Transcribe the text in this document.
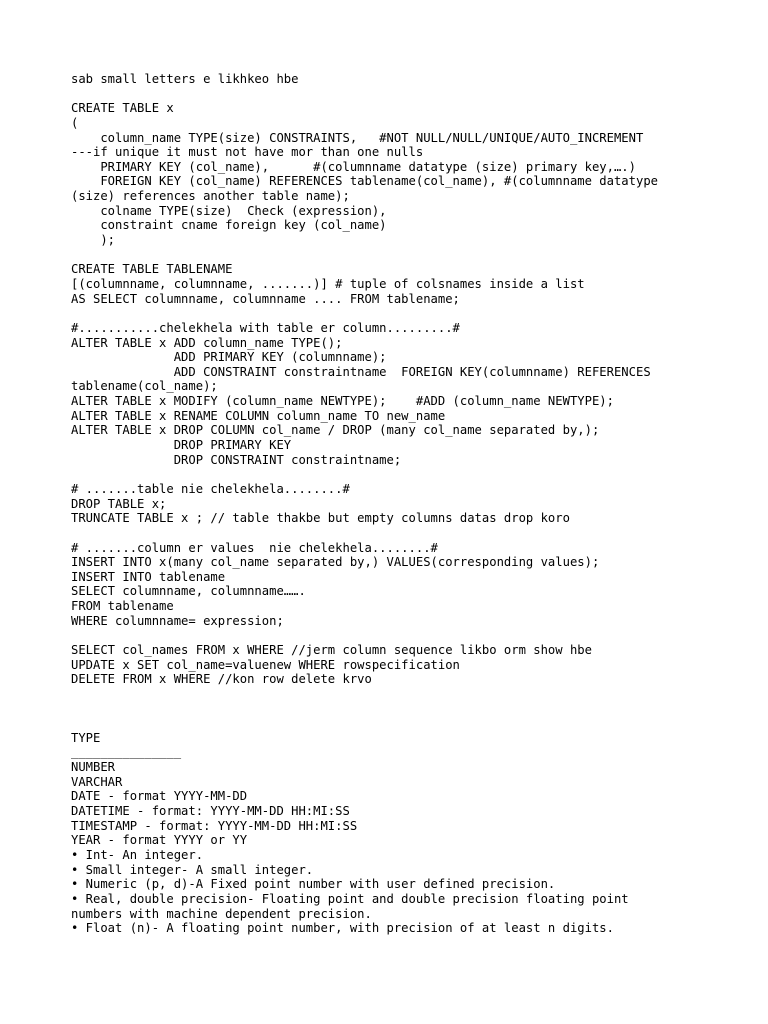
sab small letters e likhkeo hbe
CREATE TABLE x
(
column_name TYPE(size) CONSTRAINTS,   #NOT NULL/NULL/UNIQUE/AUTO_INCREMENT
---if unique it must not have mor than one nulls
PRIMARY KEY (col_name),      #(columnname datatype (size) primary key,….)
FOREIGN KEY (col_name) REFERENCES tablename(col_name), #(columnname datatype
(size) references another table name);
colname TYPE(size)  Check (expression),
constraint cname foreign key (col_name)
);
CREATE TABLE TABLENAME
[(columnname, columnname, .......)] # tuple of colsnames inside a list
AS SELECT columnname, columnname .... FROM tablename;
#...........chelekhela with table er column.........#
ALTER TABLE x ADD column_name TYPE();
ADD PRIMARY KEY (columnname);
ADD CONSTRAINT constraintname  FOREIGN KEY(columnname) REFERENCES
tablename(col_name);
ALTER TABLE x MODIFY (column_name NEWTYPE);    #ADD (column_name NEWTYPE);
ALTER TABLE x RENAME COLUMN column_name TO new_name
ALTER TABLE x DROP COLUMN col_name / DROP (many col_name separated by,);
DROP PRIMARY KEY
DROP CONSTRAINT constraintname;
# .......table nie chelekhela........#
DROP TABLE x;
TRUNCATE TABLE x ; // table thakbe but empty columns datas drop koro
# .......column er values  nie chelekhela........#
INSERT INTO x(many col_name separated by,) VALUES(corresponding values);
INSERT INTO tablename
SELECT columnname, columnname…….
FROM tablename
WHERE columnname= expression;
SELECT col_names FROM x WHERE //jerm column sequence likbo orm show hbe
UPDATE x SET col_name=valuenew WHERE rowspecification
DELETE FROM x WHERE //kon row delete krvo
TYPE
_______________
NUMBER
VARCHAR
DATE - format YYYY-MM-DD
DATETIME - format: YYYY-MM-DD HH:MI:SS
TIMESTAMP - format: YYYY-MM-DD HH:MI:SS
YEAR - format YYYY or YY
• Int- An integer.
• Small integer- A small integer.
• Numeric (p, d)-A Fixed point number with user defined precision.
• Real, double precision- Floating point and double precision floating point
numbers with machine dependent precision.
• Float (n)- A floating point number, with precision of at least n digits.
